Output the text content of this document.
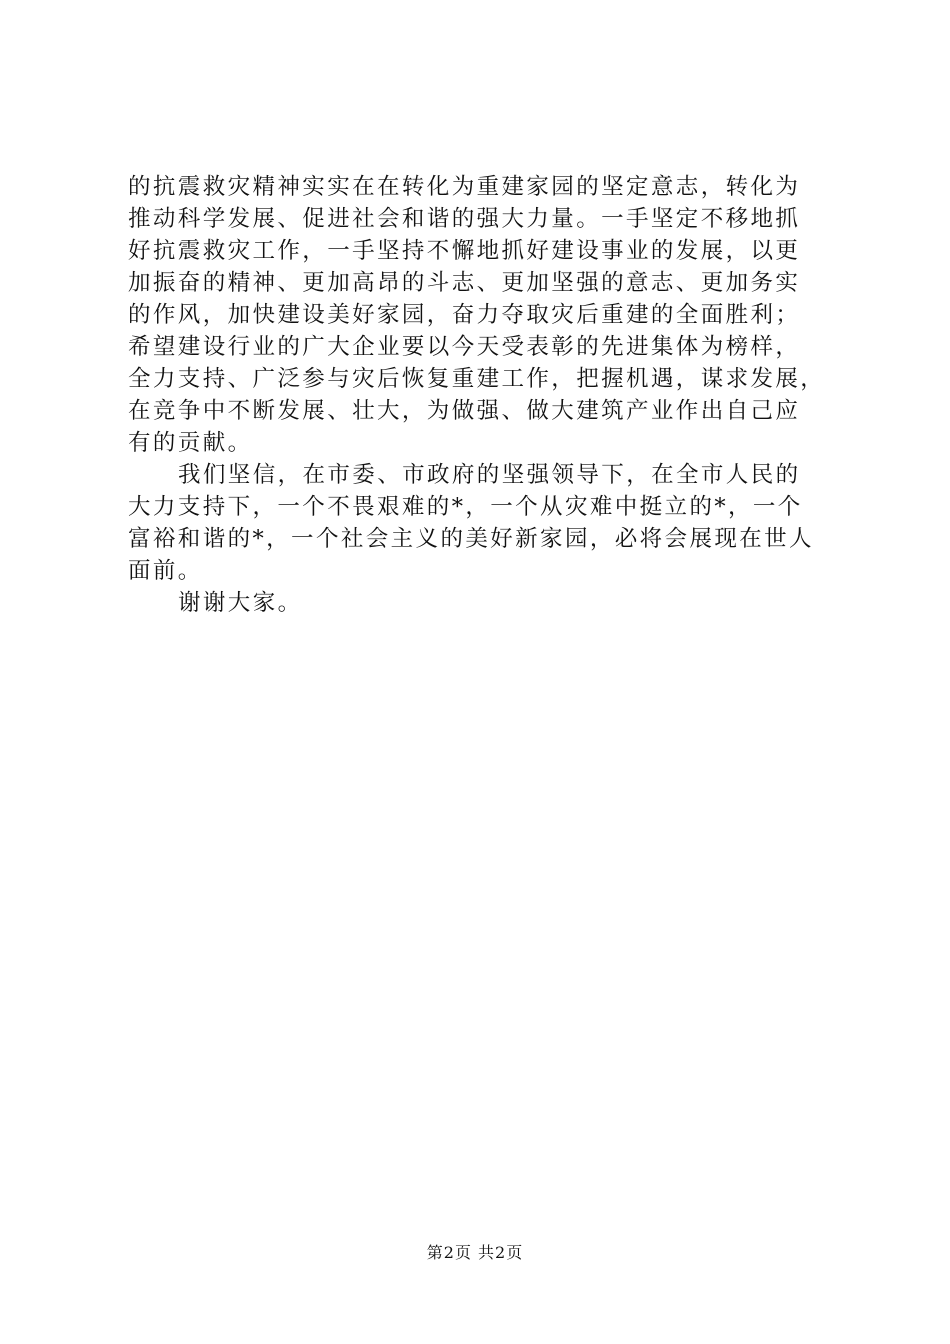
的抗震救灾精神实实在在转化为重建家园的坚定意志，转化为
推动科学发展、促进社会和谐的强大力量。一手坚定不移地抓
好抗震救灾工作，一手坚持不懈地抓好建设事业的发展，以更
加振奋的精神、更加高昂的斗志、更加坚强的意志、更加务实
的作风，加快建设美好家园，奋力夺取灾后重建的全面胜利；
希望建设行业的广大企业要以今天受表彰的先进集体为榜样，
全力支持、广泛参与灾后恢复重建工作，把握机遇，谋求发展，
在竞争中不断发展、壮大，为做强、做大建筑产业作出自己应
有的贡献。
我们坚信，在市委、市政府的坚强领导下，在全市人民的
大力支持下，一个不畏艰难的*，一个从灾难中挺立的*，一个
富裕和谐的*，一个社会主义的美好新家园，必将会展现在世人
面前。
谢谢大家。
第2页 共2页
